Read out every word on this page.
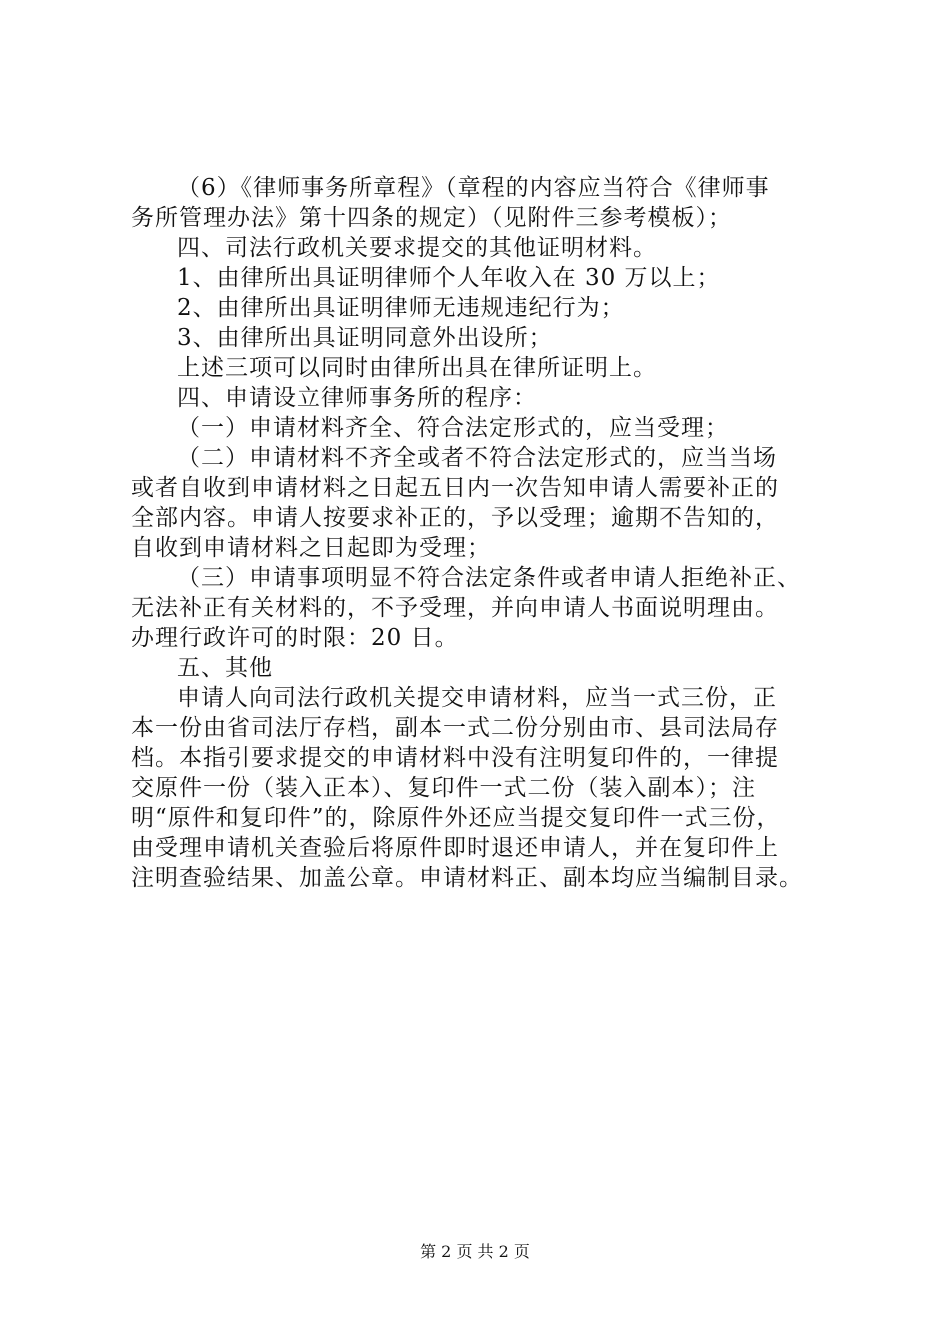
（6）《律师事务所章程》（章程的内容应当符合《律师事
务所管理办法》第十四条的规定）（见附件三参考模板）；
四、司法行政机关要求提交的其他证明材料。
1、由律所出具证明律师个人年收入在 30 万以上；
2、由律所出具证明律师无违规违纪行为；
3、由律所出具证明同意外出设所；
上述三项可以同时由律所出具在律所证明上。
四、申请设立律师事务所的程序：
（一）申请材料齐全、符合法定形式的，应当受理；
（二）申请材料不齐全或者不符合法定形式的，应当当场
或者自收到申请材料之日起五日内一次告知申请人需要补正的
全部内容。申请人按要求补正的，予以受理；逾期不告知的，
自收到申请材料之日起即为受理；
（三）申请事项明显不符合法定条件或者申请人拒绝补正、
无法补正有关材料的，不予受理，并向申请人书面说明理由。
办理行政许可的时限：20 日。
五、其他
申请人向司法行政机关提交申请材料，应当一式三份，正
本一份由省司法厅存档，副本一式二份分别由市、县司法局存
档。本指引要求提交的申请材料中没有注明复印件的，一律提
交原件一份（装入正本）、复印件一式二份（装入副本）；注
明“原件和复印件”的，除原件外还应当提交复印件一式三份，
由受理申请机关查验后将原件即时退还申请人，并在复印件上
注明查验结果、加盖公章。申请材料正、副本均应当编制目录。
第 2 页 共 2 页
